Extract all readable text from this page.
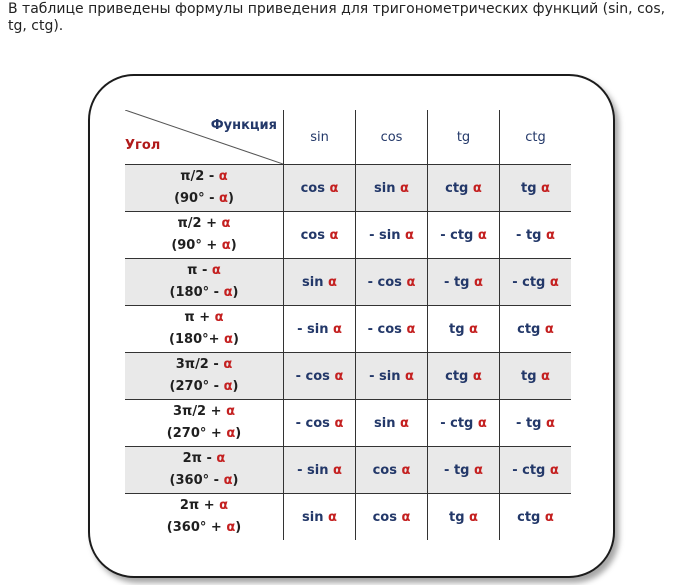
В таблице приведены формулы приведения для тригонометрических функций (sin, cos, tg, ctg).
Функция
Угол	sin	cos	tg	ctg

π/2 - α
(90° - α)	cos α	sin α	ctg α	tg α

π/2 + α
(90° + α)	cos α	- sin α	- ctg α	- tg α

π - α
(180° - α)	sin α	- cos α	- tg α	- ctg α

π + α
(180°+ α)	- sin α	- cos α	tg α	ctg α

3π/2 - α
(270° - α)	- cos α	- sin α	ctg α	tg α

3π/2 + α
(270° + α)	- cos α	sin α	- ctg α	- tg α

2π - α
(360° - α)	- sin α	cos α	- tg α	- ctg α

2π + α
(360° + α)	sin α	cos α	tg α	ctg α
